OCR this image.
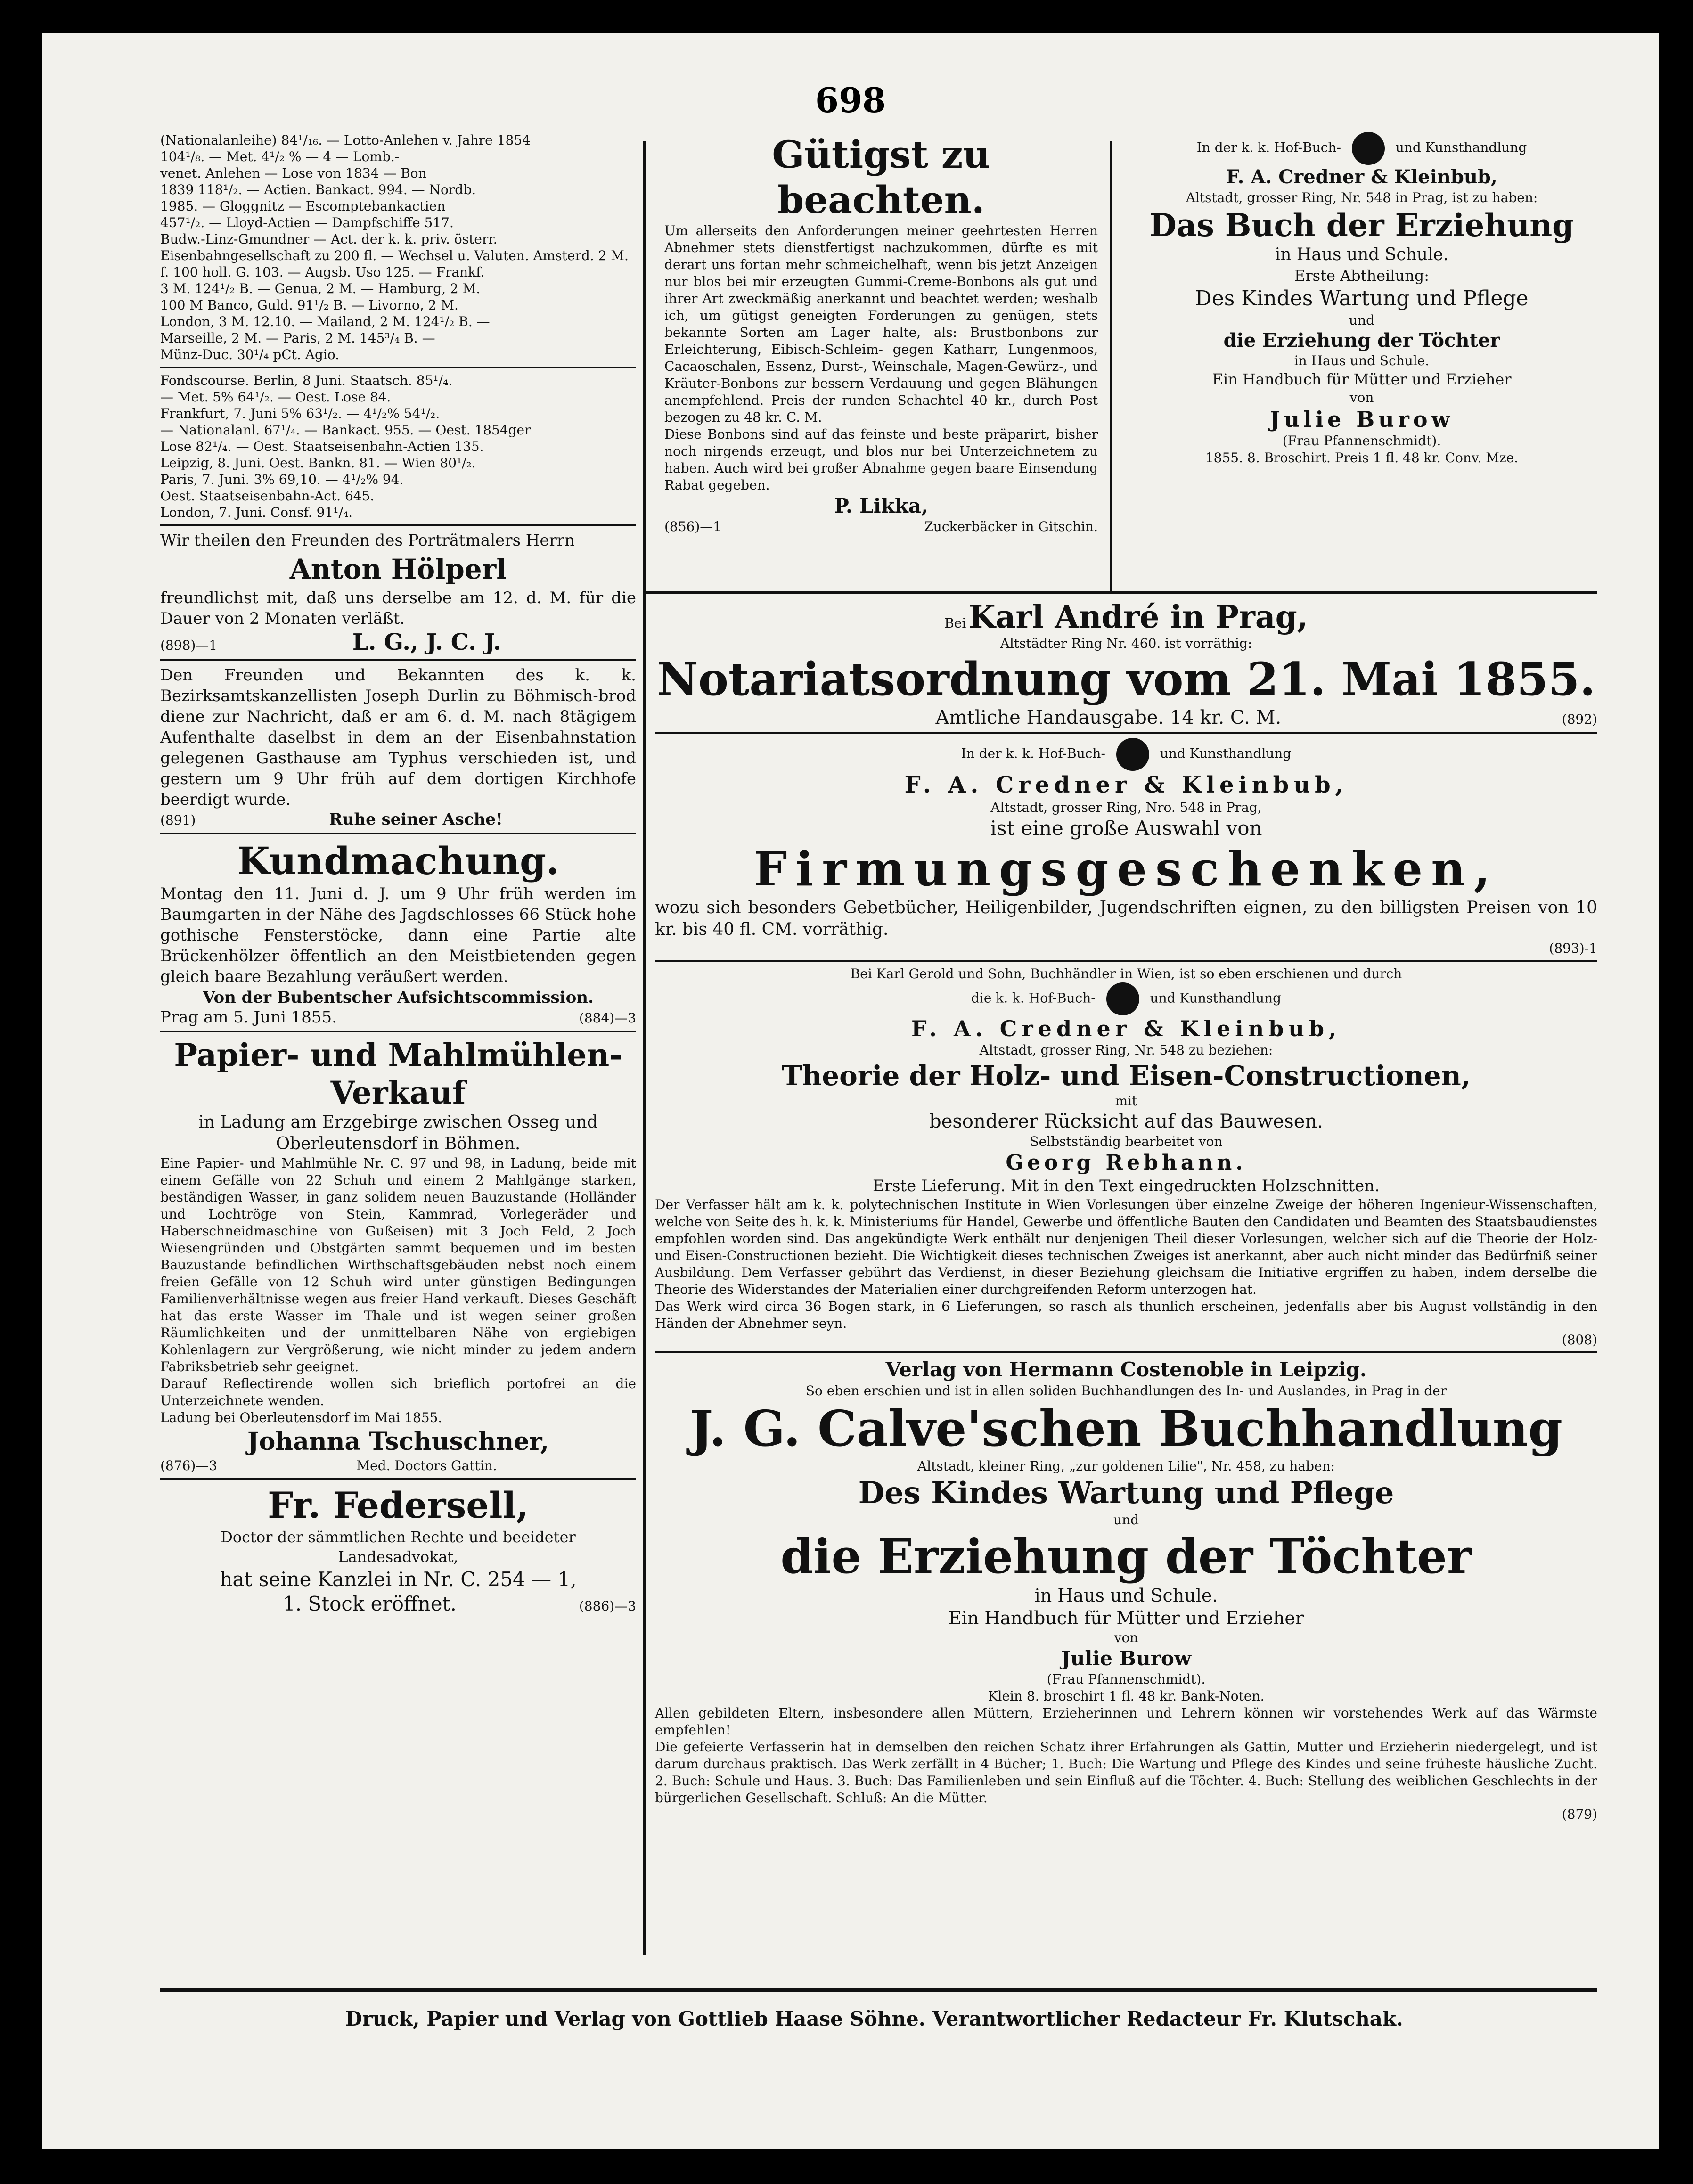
698
(Nationalanleihe) 84¹/₁₆. — Lotto-Anlehen v. Jahre 1854
104¹/₈. — Met. 4¹/₂ % — 4 — Lomb.-
venet. Anlehen — Lose von 1834 — Bon
1839 118¹/₂. — Actien. Bankact. 994. — Nordb.
1985. — Gloggnitz — Escomptebankactien
457¹/₂. — Lloyd-Actien — Dampfschiffe 517.
Budw.-Linz-Gmundner — Act. der k. k. priv. österr.
Eisenbahngesellschaft zu 200 fl. — Wechsel u. Valuten. Amsterd. 2 M.
f. 100 holl. G. 103. — Augsb. Uso 125. — Frankf.
3 M. 124¹/₂ B. — Genua, 2 M. — Hamburg, 2 M.
100 M Banco, Guld. 91¹/₂ B. — Livorno, 2 M.
London, 3 M. 12.10. — Mailand, 2 M. 124¹/₂ B. —
Marseille, 2 M. — Paris, 2 M. 145³/₄ B. —
Münz-Duc. 30¹/₄ pCt. Agio.
Fondscourse. Berlin, 8 Juni. Staatsch. 85¹/₄.
— Met. 5% 64¹/₂. — Oest. Lose 84.
Frankfurt, 7. Juni 5% 63¹/₂. — 4¹/₂% 54¹/₂.
— Nationalanl. 67¹/₄. — Bankact. 955. — Oest. 1854ger
Lose 82¹/₄. — Oest. Staatseisenbahn-Actien 135.
Leipzig, 8. Juni. Oest. Bankn. 81. — Wien 80¹/₂.
Paris, 7. Juni. 3% 69,10. — 4¹/₂% 94.
Oest. Staatseisenbahn-Act. 645.
London, 7. Juni. Consf. 91¹/₄.

Wir theilen den Freunden des Porträtmalers Herrn

Anton Hölperl

freundlichst mit, daß uns derselbe am 12. d. M. für die Dauer von 2 Monaten verläßt.

(898)—1	L. G., J. C. J.

Den Freunden und Bekannten des k. k. Bezirksamtskanzellisten Joseph Durlin zu Böhmisch-brod diene zur Nachricht, daß er am 6. d. M. nach 8tägigem Aufenthalte daselbst in dem an der Eisenbahnstation gelegenen Gasthause am Typhus verschieden ist, und gestern um 9 Uhr früh auf dem dortigen Kirchhofe beerdigt wurde.

(891)	Ruhe seiner Asche!
Kundmachung.

Montag den 11. Juni d. J. um 9 Uhr früh werden im Baumgarten in der Nähe des Jagdschlosses 66 Stück hohe gothische Fensterstöcke, dann eine Partie alte Brückenhölzer öffentlich an den Meistbietenden gegen gleich baare Bezahlung veräußert werden.

Von der Bubentscher Aufsichtscommission.
Prag am 5. Juni 1855.	(884)—3
Papier- und Mahlmühlen-
Verkauf
in Ladung am Erzgebirge zwischen Osseg und Oberleutensdorf in Böhmen.

Eine Papier- und Mahlmühle Nr. C. 97 und 98, in Ladung, beide mit einem Gefälle von 22 Schuh und einem 2 Mahlgänge starken, beständigen Wasser, in ganz solidem neuen Bauzustande (Holländer und Lochtröge von Stein, Kammrad, Vorlegeräder und Haberschneidmaschine von Gußeisen) mit 3 Joch Feld, 2 Joch Wiesengründen und Obstgärten sammt bequemen und im besten Bauzustande befindlichen Wirthschaftsgebäuden nebst noch einem freien Gefälle von 12 Schuh wird unter günstigen Bedingungen Familienverhältnisse wegen aus freier Hand verkauft. Dieses Geschäft hat das erste Wasser im Thale und ist wegen seiner großen Räumlichkeiten und der unmittelbaren Nähe von ergiebigen Kohlenlagern zur Vergrößerung, wie nicht minder zu jedem andern Fabriksbetrieb sehr geeignet.

Darauf Reflectirende wollen sich brieflich portofrei an die Unterzeichnete wenden.

Ladung bei Oberleutensdorf im Mai 1855.
Johanna Tschuschner,
(876)—3	Med. Doctors Gattin.
Fr. Federsell,
Doctor der sämmtlichen Rechte und beeideter Landesadvokat,
hat seine Kanzlei in Nr. C. 254 — 1,
1. Stock eröffnet.	(886)—3
Gütigst zu beachten.

Um allerseits den Anforderungen meiner geehrtesten Herren Abnehmer stets dienstfertigst nachzukommen, dürfte es mit derart uns fortan mehr schmeichelhaft, wenn bis jetzt Anzeigen nur blos bei mir erzeugten Gummi-Creme-Bonbons als gut und ihrer Art zweckmäßig anerkannt und beachtet werden; weshalb ich, um gütigst geneigten Forderungen zu genügen, stets bekannte Sorten am Lager halte, als: Brustbonbons zur Erleichterung, Eibisch-Schleim- gegen Katharr, Lungenmoos, Cacaoschalen, Essenz, Durst-, Weinschale, Magen-Gewürz-, und Kräuter-Bonbons zur bessern Verdauung und gegen Blähungen anempfehlend. Preis der runden Schachtel 40 kr., durch Post bezogen zu 48 kr. C. M.

Diese Bonbons sind auf das feinste und beste präparirt, bisher noch nirgends erzeugt, und blos nur bei Unterzeichnetem zu haben. Auch wird bei großer Abnahme gegen baare Einsendung Rabat gegeben.

P. Likka,
(856)—1	Zuckerbäcker in Gitschin.
In der k. k. Hof-Buch-	und Kunsthandlung
F. A. Credner & Kleinbub,
Altstadt, grosser Ring, Nr. 548 in Prag, ist zu haben:
Das Buch der Erziehung
in Haus und Schule.
Erste Abtheilung:
Des Kindes Wartung und Pflege
und
die Erziehung der Töchter
in Haus und Schule.
Ein Handbuch für Mütter und Erzieher
von
Julie Burow
(Frau Pfannenschmidt).
1855. 8. Broschirt. Preis 1 fl. 48 kr. Conv. Mze.
Bei Karl André in Prag,
Altstädter Ring Nr. 460. ist vorräthig:
Notariatsordnung vom 21. Mai 1855.
Amtliche Handausgabe. 14 kr. C. M.	(892)
In der k. k. Hof-Buch-	und Kunsthandlung
F. A. Credner & Kleinbub,
Altstadt, grosser Ring, Nro. 548 in Prag,
ist eine große Auswahl von
Firmungsgeschenken,

wozu sich besonders Gebetbücher, Heiligenbilder, Jugendschriften eignen, zu den billigsten Preisen von 10 kr. bis 40 fl. CM. vorräthig.

(893)-1
Bei Karl Gerold und Sohn, Buchhändler in Wien, ist so eben erschienen und durch
die k. k. Hof-Buch-	und Kunsthandlung
F. A. Credner & Kleinbub,
Altstadt, grosser Ring, Nr. 548 zu beziehen:
Theorie der Holz- und Eisen-Constructionen,
mit
besonderer Rücksicht auf das Bauwesen.
Selbstständig bearbeitet von
Georg Rebhann.
Erste Lieferung. Mit in den Text eingedruckten Holzschnitten.

Der Verfasser hält am k. k. polytechnischen Institute in Wien Vorlesungen über einzelne Zweige der höheren Ingenieur-Wissenschaften, welche von Seite des h. k. k. Ministeriums für Handel, Gewerbe und öffentliche Bauten den Candidaten und Beamten des Staatsbaudienstes empfohlen worden sind. Das angekündigte Werk enthält nur denjenigen Theil dieser Vorlesungen, welcher sich auf die Theorie der Holz- und Eisen-Constructionen bezieht. Die Wichtigkeit dieses technischen Zweiges ist anerkannt, aber auch nicht minder das Bedürfniß seiner Ausbildung. Dem Verfasser gebührt das Verdienst, in dieser Beziehung gleichsam die Initiative ergriffen zu haben, indem derselbe die Theorie des Widerstandes der Materialien einer durchgreifenden Reform unterzogen hat.

Das Werk wird circa 36 Bogen stark, in 6 Lieferungen, so rasch als thunlich erscheinen, jedenfalls aber bis August vollständig in den Händen der Abnehmer seyn.

(808)
Verlag von Hermann Costenoble in Leipzig.
So eben erschien und ist in allen soliden Buchhandlungen des In- und Auslandes, in Prag in der
J. G. Calve'schen Buchhandlung
Altstadt, kleiner Ring, „zur goldenen Lilie", Nr. 458, zu haben:
Des Kindes Wartung und Pflege
und
die Erziehung der Töchter
in Haus und Schule.
Ein Handbuch für Mütter und Erzieher
von
Julie Burow
(Frau Pfannenschmidt).
Klein 8. broschirt 1 fl. 48 kr. Bank-Noten.

Allen gebildeten Eltern, insbesondere allen Müttern, Erzieherinnen und Lehrern können wir vorstehendes Werk auf das Wärmste empfehlen!

Die gefeierte Verfasserin hat in demselben den reichen Schatz ihrer Erfahrungen als Gattin, Mutter und Erzieherin niedergelegt, und ist darum durchaus praktisch. Das Werk zerfällt in 4 Bücher; 1. Buch: Die Wartung und Pflege des Kindes und seine früheste häusliche Zucht. 2. Buch: Schule und Haus. 3. Buch: Das Familienleben und sein Einfluß auf die Töchter. 4. Buch: Stellung des weiblichen Geschlechts in der bürgerlichen Gesellschaft. Schluß: An die Mütter.

(879)
Druck, Papier und Verlag von Gottlieb Haase Söhne. Verantwortlicher Redacteur Fr. Klutschak.
